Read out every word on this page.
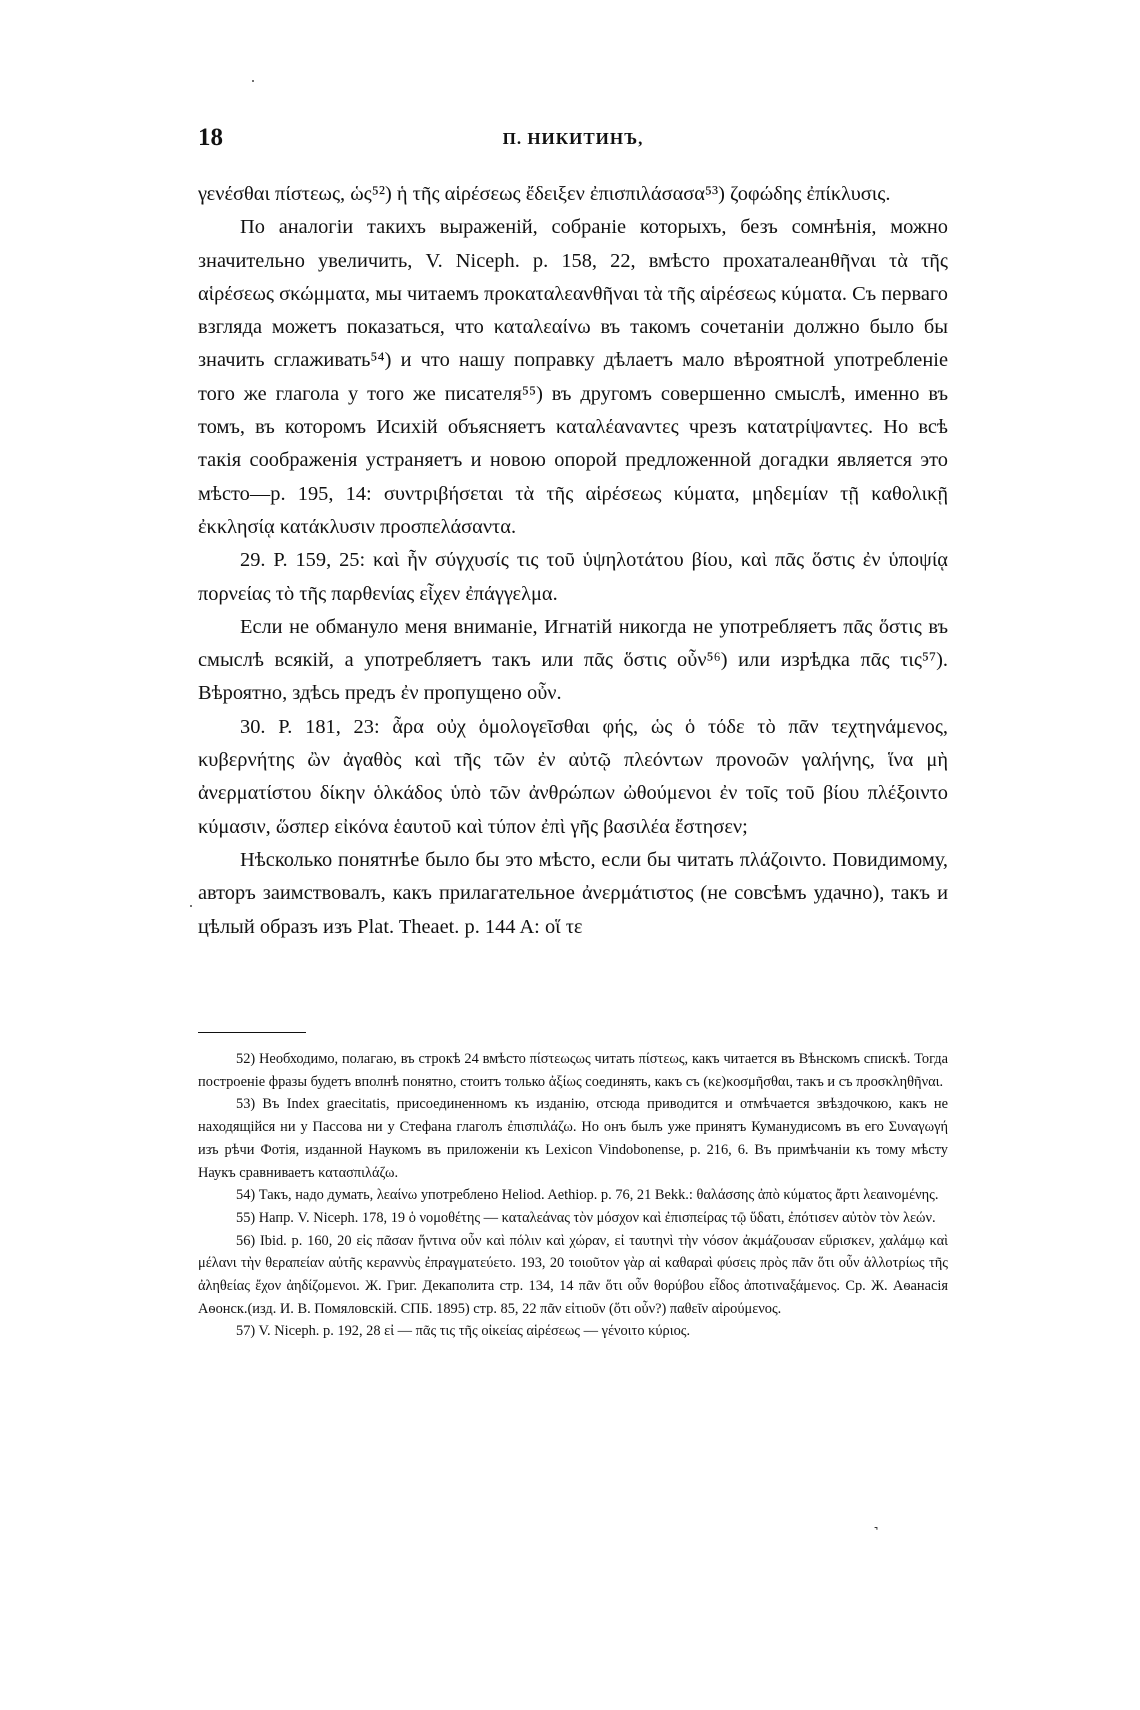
18	П. НИКИТИНЪ,

γενέσθαι πίστεως, ὡς⁵²) ἡ τῆς αἱρέσεως ἔδειξεν ἐπισπιλάσασα⁵³) ζοφώδης ἐπίκλυσις.

По аналогіи такихъ выраженій, собраніе которыхъ, безъ сомнѣнія, можно значительно увеличить, V. Niceph. p. 158, 22, вмѣсто прохаталеанθῆναι τὰ τῆς αἱρέσεως σκώμματα, мы читаемъ προκαταλεανθῆναι τὰ τῆς αἱρέσεως κύματα. Съ перваго взгляда можетъ показаться, что καταλεαίνω въ такомъ сочетаніи должно было бы значить сглаживать⁵⁴) и что нашу поправку дѣлаетъ мало вѣроятной употребленіе того же глагола у того же писателя⁵⁵) въ другомъ совершенно смыслѣ, именно въ томъ, въ которомъ Исихій объясняетъ καταλέαναντες чрезъ κατατρίψαντες. Но всѣ такія соображенія устраняетъ и новою опорой предложенной догадки является это мѣсто—p. 195, 14: συντριβήσεται τὰ τῆς αἱρέσεως κύματα, μηδεμίαν τῇ καθολικῇ ἐκκλησίᾳ κατάκλυσιν προσπελάσαντα.

29. P. 159, 25: καὶ ἦν σύγχυσίς τις τοῦ ὑψηλοτάτου βίου, καὶ πᾶς ὅστις ἐν ὑποψίᾳ πορνείας τὸ τῆς παρθενίας εἶχεν ἐπάγγελμα.

Если не обмануло меня вниманіе, Игнатій никогда не употребляетъ πᾶς ὅστις въ смыслѣ всякій, а употребляетъ такъ или πᾶς ὅστις οὖν⁵⁶) или изрѣдка πᾶς τις⁵⁷). Вѣроятно, здѣсь предъ ἐν пропущено οὖν.

30. P. 181, 23: ἆρα οὐχ ὁμολογεῖσθαι φής, ὡς ὁ τόδε τὸ πᾶν τεχτηνάμενος, κυβερνήτης ὢν ἀγαθὸς καὶ τῆς τῶν ἐν αὐτῷ πλεόντων προνοῶν γαλήνης, ἵνα μὴ ἀνερματίστου δίκην ὁλκάδος ὑπὸ τῶν ἀνθρώπων ὠθούμενοι ἐν τοῖς τοῦ βίου πλέξοιντο κύμασιν, ὥσπερ εἰκόνα ἑαυτοῦ καὶ τύπον ἐπὶ γῆς βασιλέα ἔστησεν;

Нѣсколько понятнѣе было бы это мѣсто, если бы читать πλάζοιντο. Повидимому, авторъ заимствовалъ, какъ прилагательное ἀνερμάτιστος (не совсѣмъ удачно), такъ и цѣлый образъ изъ Plat. Theaet. p. 144 A: οἵ τε

52) Необходимо, полагаю, въ строкѣ 24 вмѣсто πίστεωςως читать πίστεως, какъ читается въ Вѣнскомъ спискѣ. Тогда построеніе фразы будетъ вполнѣ понятно, стоитъ только ἀξίως соединять, какъ съ (κε)κοσμῆσθαι, такъ и съ προσκληθῆναι.

53) Въ Index graecitatis, присоединенномъ къ изданію, отсюда приводится и отмѣчается звѣздочкою, какъ не находящійся ни у Пассова ни у Стефана глаголъ ἐπισπιλάζω. Но онъ былъ уже принятъ Куманудисомъ въ его Συναγωγή изъ рѣчи Фотія, изданной Наукомъ въ приложеніи къ Lexicon Vindobonense, p. 216, 6. Въ примѣчаніи къ тому мѣсту Наукъ сравниваетъ κατασπιλάζω.

54) Такъ, надо думать, λεαίνω употреблено Heliod. Aethiop. p. 76, 21 Bekk.: θαλάσσης ἀπὸ κύματος ἄρτι λεαινομένης.

55) Напр. V. Niceph. 178, 19 ὁ νομοθέτης — καταλεάνας τὸν μόσχον καὶ ἐπισπείρας τῷ ὕδατι, ἐπότισεν αὐτὸν τὸν λεών.

56) Ibid. p. 160, 20 εἰς πᾶσαν ἥντινα οὖν καὶ πόλιν καὶ χώραν, εἰ ταυτηνὶ τὴν νόσον ἀκμάζουσαν εὕρισκεν, χαλάμῳ καὶ μέλανι τὴν θεραπείαν αὐτῆς κεραννὺς ἐπραγματεύετο. 193, 20 τοιοῦτον γὰρ αἱ καθαραὶ φύσεις πρὸς πᾶν ὅτι οὖν ἀλλοτρίως τῆς ἀληθείας ἔχον ἀηδίζομενοι. Ж. Григ. Декаполита стр. 134, 14 πᾶν ὅτι οὖν θορύβου εἶδος ἀποτιναξάμενος. Ср. Ж. Аѳанасія Аѳонск.(изд. И. В. Помяловскій. СПБ. 1895) стр. 85, 22 πᾶν εἰτιοῦν (ὅτι οὖν?) παθεῖν αἱρούμενος.

57) V. Niceph. p. 192, 28 εἰ — πᾶς τις τῆς οἰκείας αἱρέσεως — γένοιτο κύριος.

˺
